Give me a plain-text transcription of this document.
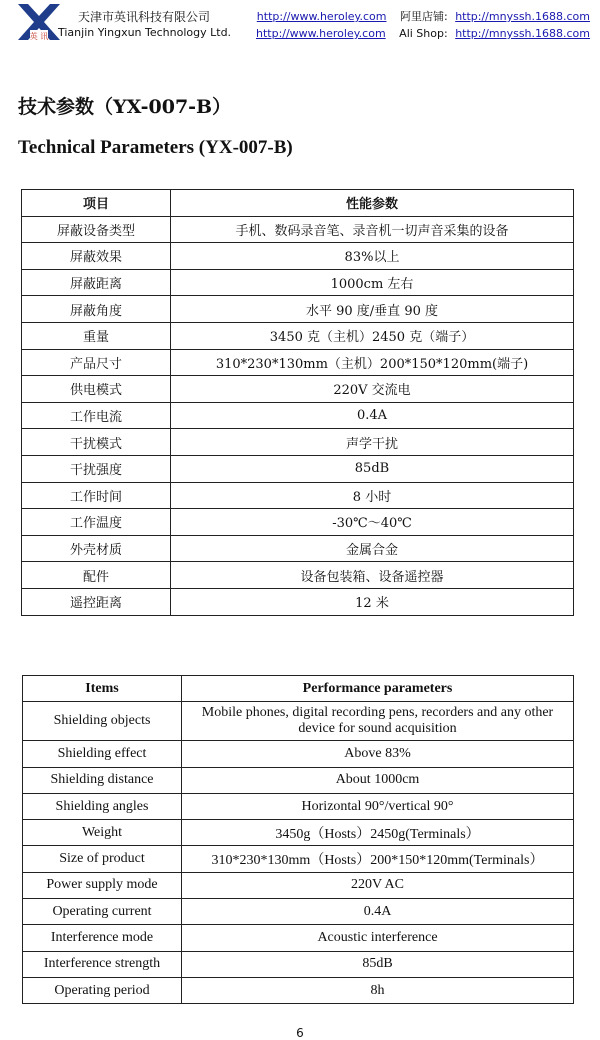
英 讯
天津市英讯科技有限公司
Tianjin Yingxun Technology Ltd.
http://www.heroley.com 阿里店铺: http://mnyssh.1688.com
http://www.heroley.com Ali Shop: http://mnyssh.1688.com
技术参数（YX-007-B）
Technical Parameters (YX-007-B)
项目	性能参数
屏蔽设备类型	手机、数码录音笔、录音机一切声音采集的设备
屏蔽效果	83%以上
屏蔽距离	1000cm 左右
屏蔽角度	水平 90 度/垂直 90 度
重量	3450 克（主机）2450 克（端子）
产品尺寸	310*230*130mm（主机）200*150*120mm(端子)
供电模式	220V 交流电
工作电流	0.4A
干扰模式	声学干扰
干扰强度	85dB
工作时间	8 小时
工作温度	-30℃～40℃
外壳材质	金属合金
配件	设备包装箱、设备遥控器
遥控距离	12 米
Items	Performance parameters
Shielding objects	Mobile phones, digital recording pens, recorders and any other device for sound acquisition
Shielding effect	Above 83%
Shielding distance	About 1000cm
Shielding angles	Horizontal 90°/vertical 90°
Weight	3450g（Hosts）2450g(Terminals）
Size of product	310*230*130mm（Hosts）200*150*120mm(Terminals）
Power supply mode	220V AC
Operating current	0.4A
Interference mode	Acoustic interference
Interference strength	85dB
Operating period	8h
6
